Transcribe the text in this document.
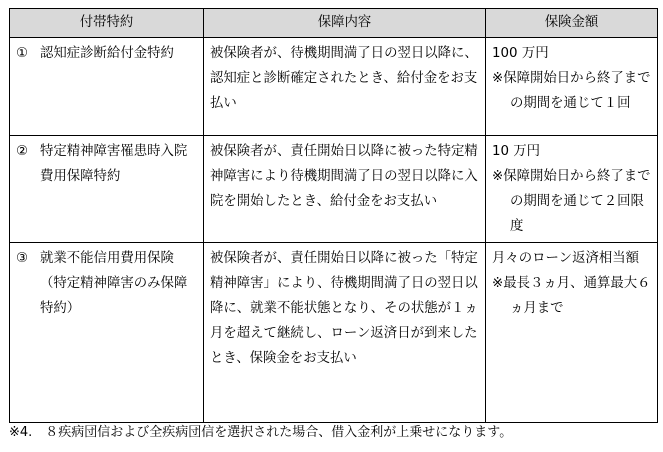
付帯特約	保障内容	保険金額

① 認知症診断給付金特約	被保険者が、待機期間満了日の翌日以降に、認知症と診断確定されたとき、給付金をお支払い	100 万円
※保障開始日から終了までの期間を通じて１回

② 特定精神障害罹患時入院費用保障特約	被保険者が、責任開始日以降に被った特定精神障害により待機期間満了日の翌日以降に入院を開始したとき、給付金をお支払い	10 万円
※保障開始日から終了までの期間を通じて２回限度

③ 就業不能信用費用保険（特定精神障害のみ保障特約）	被保険者が、責任開始日以降に被った「特定精神障害」により、待機期間満了日の翌日以降に、就業不能状態となり、その状態が１ヵ月を超えて継続し、ローン返済日が到来したとき、保険金をお支払い	月々のローン返済相当額
※最長３ヵ月、通算最大６ヵ月まで
※4.　８疾病団信および全疾病団信を選択された場合、借入金利が上乗せになります。
